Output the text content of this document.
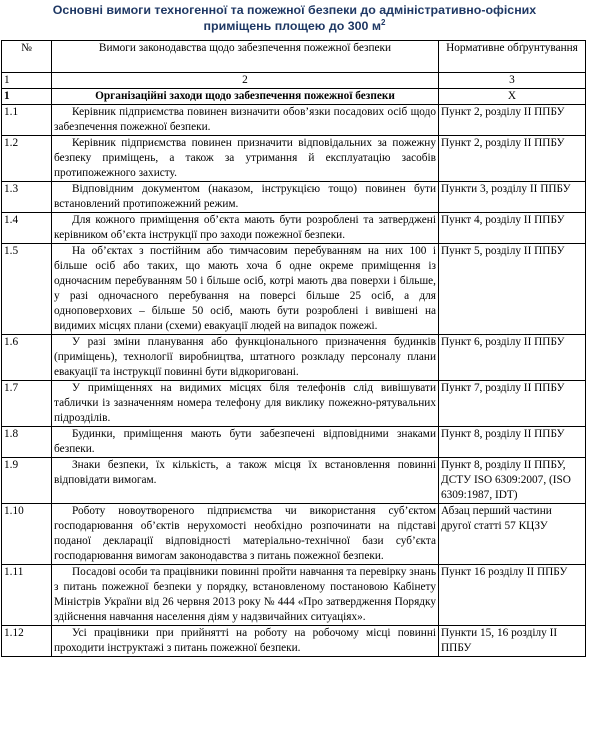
Основні вимоги техногенної та пожежної безпеки до адміністративно-офісних
приміщень площею до 300 $м^2$
№	Вимоги законодавства щодо забезпечення пожежної безпеки	Нормативне обґрунтування
1	2	3
1	Організаційні заходи щодо забезпечення пожежної безпеки	Х
1.1	Керівник підприємства повинен визначити обов’язки посадових осіб щодо забезпечення пожежної безпеки.	Пункт 2, розділу ІІ ППБУ
1.2	Керівник підприємства повинен призначити відповідальних за пожежну безпеку приміщень, а також за утримання й експлуатацію засобів протипожежного захисту.	Пункт 2, розділу ІІ ППБУ
1.3	Відповідним документом (наказом, інструкцією тощо) повинен бути встановлений протипожежний режим.	Пункти 3, розділу ІІ ППБУ
1.4	Для кожного приміщення об’єкта мають бути розроблені та затверджені керівником об’єкта інструкції про заходи пожежної безпеки.	Пункт 4, розділу ІІ ППБУ
1.5	На об’єктах з постійним або тимчасовим перебуванням на них 100 і більше осіб або таких, що мають хоча б одне окреме приміщення із одночасним перебуванням 50 і більше осіб, котрі мають два поверхи і більше, у разі одночасного перебування на поверсі більше 25 осіб, а для одноповерхових – більше 50 осіб, мають бути розроблені і вивішені на видимих місцях плани (схеми) евакуації людей на випадок пожежі.	Пункт 5, розділу ІІ ППБУ
1.6	У разі зміни планування або функціонального призначення будинків (приміщень), технології виробництва, штатного розкладу персоналу плани евакуації та інструкції повинні бути відкориговані.	Пункт 6, розділу ІІ ППБУ
1.7	У приміщеннях на видимих місцях біля телефонів слід вивішувати таблички із зазначенням номера телефону для виклику пожежно-рятувальних підрозділів.	Пункт 7, розділу ІІ ППБУ
1.8	Будинки, приміщення мають бути забезпечені відповідними знаками безпеки.	Пункт 8, розділу ІІ ППБУ
1.9	Знаки безпеки, їх кількість, а також місця їх встановлення повинні відповідати вимогам.	Пункт 8, розділу ІІ ППБУ, ДСТУ ISO 6309:2007, (ISO 6309:1987, IDT)
1.10	Роботу новоутвореного підприємства чи використання суб’єктом господарювання об’єктів нерухомості необхідно розпочинати на підставі поданої декларації відповідності матеріально-технічної бази суб’єкта господарювання вимогам законодавства з питань пожежної безпеки.	Абзац перший частини другої статті 57 КЦЗУ
1.11	Посадові особи та працівники повинні пройти навчання та перевірку знань з питань пожежної безпеки у порядку, встановленому постановою Кабінету Міністрів України від 26 червня 2013 року № 444 «Про затвердження Порядку здійснення навчання населення діям у надзвичайних ситуаціях».	Пункт 16 розділу ІІ ППБУ
1.12	Усі працівники при прийнятті на роботу на робочому місці повинні проходити інструктажі з питань пожежної безпеки.	Пункти 15, 16 розділу ІІ ППБУ
